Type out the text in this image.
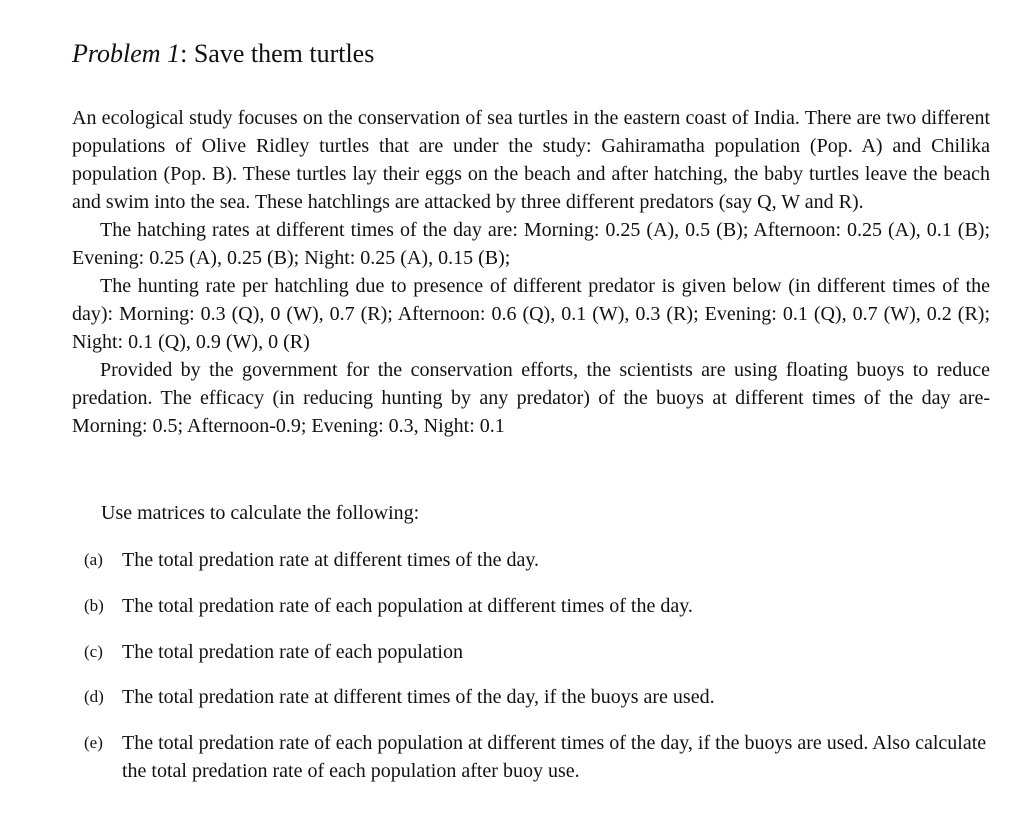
Problem 1: Save them turtles

An ecological study focuses on the conservation of sea turtles in the eastern coast of India. There are two different populations of Olive Ridley turtles that are under the study: Gahiramatha population (Pop. A) and Chilika population (Pop. B). These turtles lay their eggs on the beach and after hatching, the baby turtles leave the beach and swim into the sea. These hatchlings are attacked by three different predators (say Q, W and R).

The hatching rates at different times of the day are: Morning: 0.25 (A), 0.5 (B); Afternoon: 0.25 (A), 0.1 (B); Evening: 0.25 (A), 0.25 (B); Night: 0.25 (A), 0.15 (B);

The hunting rate per hatchling due to presence of different predator is given below (in different times of the day): Morning: 0.3 (Q), 0 (W), 0.7 (R); Afternoon: 0.6 (Q), 0.1 (W), 0.3 (R); Evening: 0.1 (Q), 0.7 (W), 0.2 (R); Night: 0.1 (Q), 0.9 (W), 0 (R)

Provided by the government for the conservation efforts, the scientists are using floating buoys to reduce predation. The efficacy (in reducing hunting by any predator) of the buoys at different times of the day are- Morning: 0.5; Afternoon-0.9; Evening: 0.3, Night: 0.1

Use matrices to calculate the following:
(a) The total predation rate at different times of the day.
(b) The total predation rate of each population at different times of the day.
(c) The total predation rate of each population
(d) The total predation rate at different times of the day, if the buoys are used.
(e) The total predation rate of each population at different times of the day, if the buoys are used. Also calculate the total predation rate of each population after buoy use.
